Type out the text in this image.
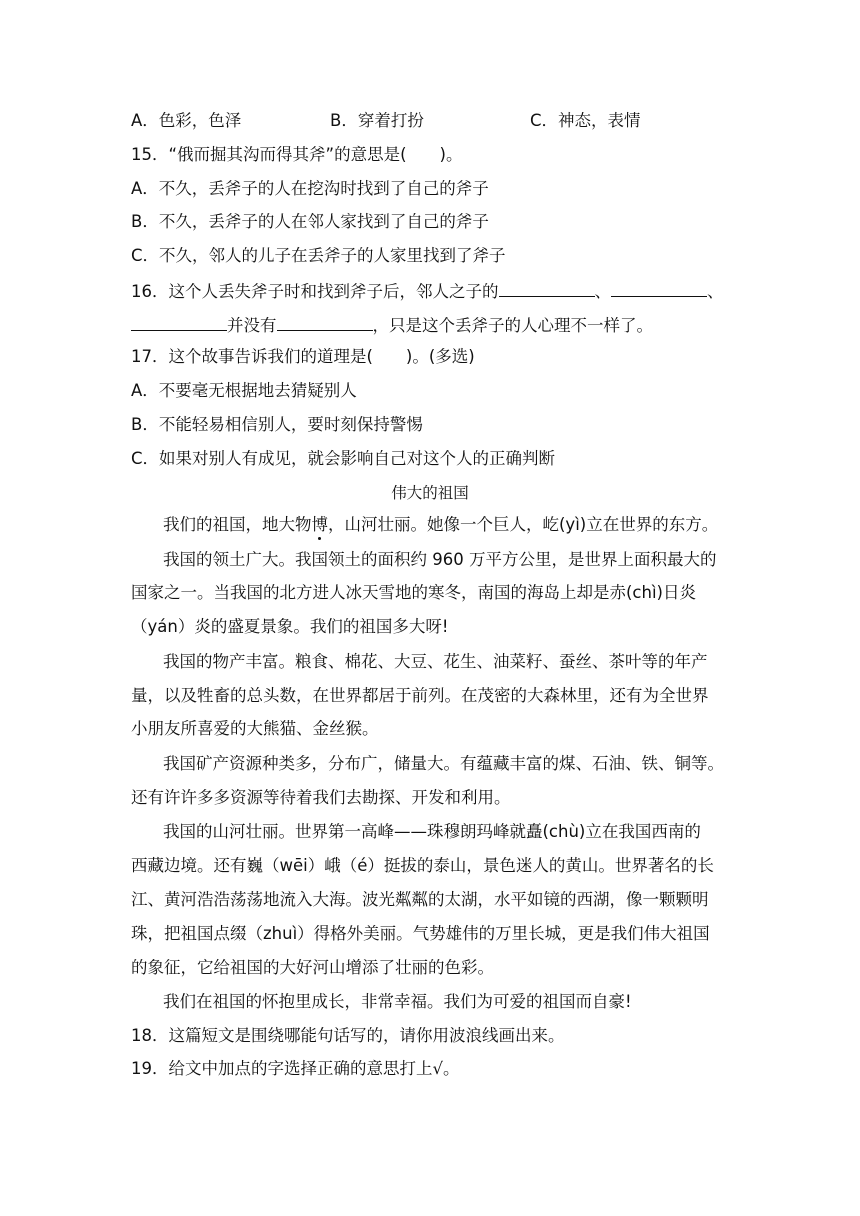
A．色彩，色泽	B．穿着打扮	C．神态，表情
15．“俄而掘其沟而得其斧”的意思是(　　)。
A．不久，丢斧子的人在挖沟时找到了自己的斧子
B．不久，丢斧子的人在邻人家找到了自己的斧子
C．不久，邻人的儿子在丢斧子的人家里找到了斧子
16．这个人丢失斧子时和找到斧子后，邻人之子的	、	、
并没有	，只是这个丢斧子的人心理不一样了。
17．这个故事告诉我们的道理是(　　)。(多选)
A．不要毫无根据地去猜疑别人
B．不能轻易相信别人，要时刻保持警惕
C．如果对别人有成见，就会影响自己对这个人的正确判断
伟大的祖国
我们的祖国，地大物博，山河壮丽。她像一个巨人，屹(yì)立在世界的东方。
我国的领土广大。我国领土的面积约 960 万平方公里，是世界上面积最大的
国家之一。当我国的北方进人冰天雪地的寒冬，南国的海岛上却是赤(chì)日炎
（yán）炎的盛夏景象。我们的祖国多大呀!
我国的物产丰富。粮食、棉花、大豆、花生、油菜籽、蚕丝、茶叶等的年产
量，以及牲畜的总头数，在世界都居于前列。在茂密的大森林里，还有为全世界
小朋友所喜爱的大熊猫、金丝猴。
我国矿产资源种类多，分布广，储量大。有蕴藏丰富的煤、石油、铁、铜等。
还有许许多多资源等待着我们去勘探、开发和利用。
我国的山河壮丽。世界第一高峰——珠穆朗玛峰就矗(chù)立在我国西南的
西藏边境。还有巍（wēi）峨（é）挺拔的泰山，景色迷人的黄山。世界著名的长
江、黄河浩浩荡荡地流入大海。波光粼粼的太湖，水平如镜的西湖，像一颗颗明
珠，把祖国点缀（zhuì）得格外美丽。气势雄伟的万里长城，更是我们伟大祖国
的象征，它给祖国的大好河山增添了壮丽的色彩。
我们在祖国的怀抱里成长，非常幸福。我们为可爱的祖国而自豪!
18．这篇短文是围绕哪能句话写的，请你用波浪线画出来。
19．给文中加点的字选择正确的意思打上√。
